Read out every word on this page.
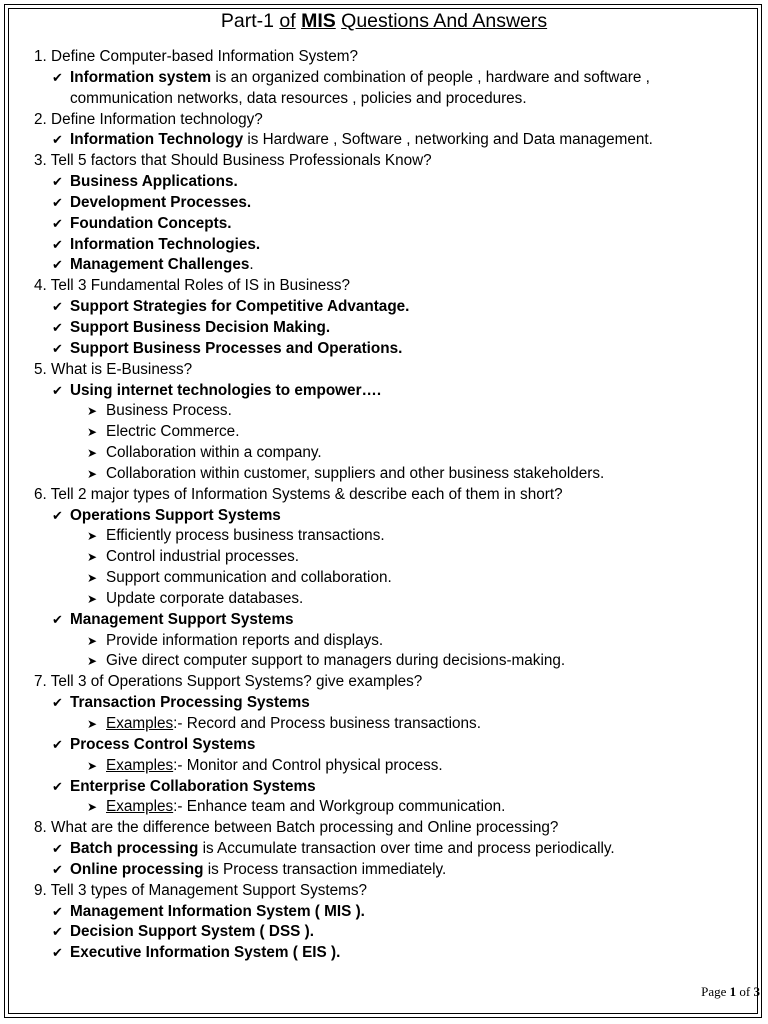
Part-1 of MIS Questions And Answers
1. Define Computer-based Information System?
✔ Information system is an organized combination of people , hardware and software ,
communication networks, data resources , policies and procedures.
2. Define Information technology?
✔ Information Technology is Hardware , Software , networking and Data management.
3. Tell 5 factors that Should Business Professionals Know?
✔ Business Applications.
✔ Development Processes.
✔ Foundation Concepts.
✔ Information Technologies.
✔ Management Challenges.
4. Tell 3 Fundamental Roles of IS in Business?
✔ Support Strategies for Competitive Advantage.
✔ Support Business Decision Making.
✔ Support Business Processes and Operations.
5. What is E-Business?
✔ Using internet technologies to empower….
➤ Business Process.
➤ Electric Commerce.
➤ Collaboration within a company.
➤ Collaboration within customer, suppliers and other business stakeholders.
6. Tell 2 major types of Information Systems & describe each of them in short?
✔ Operations Support Systems
➤ Efficiently process business transactions.
➤ Control industrial processes.
➤ Support communication and collaboration.
➤ Update corporate databases.
✔ Management Support Systems
➤ Provide information reports and displays.
➤ Give direct computer support to managers during decisions-making.
7. Tell 3 of Operations Support Systems? give examples?
✔ Transaction Processing Systems
➤ Examples:- Record and Process business transactions.
✔ Process Control Systems
➤ Examples:- Monitor and Control physical process.
✔ Enterprise Collaboration Systems
➤ Examples:- Enhance team and Workgroup communication.
8. What are the difference between Batch processing and Online processing?
✔ Batch processing is Accumulate transaction over time and process periodically.
✔ Online processing is Process transaction immediately.
9. Tell 3 types of Management Support Systems?
✔ Management Information System ( MIS ).
✔ Decision Support System ( DSS ).
✔ Executive Information System ( EIS ).
Page 1 of 3
